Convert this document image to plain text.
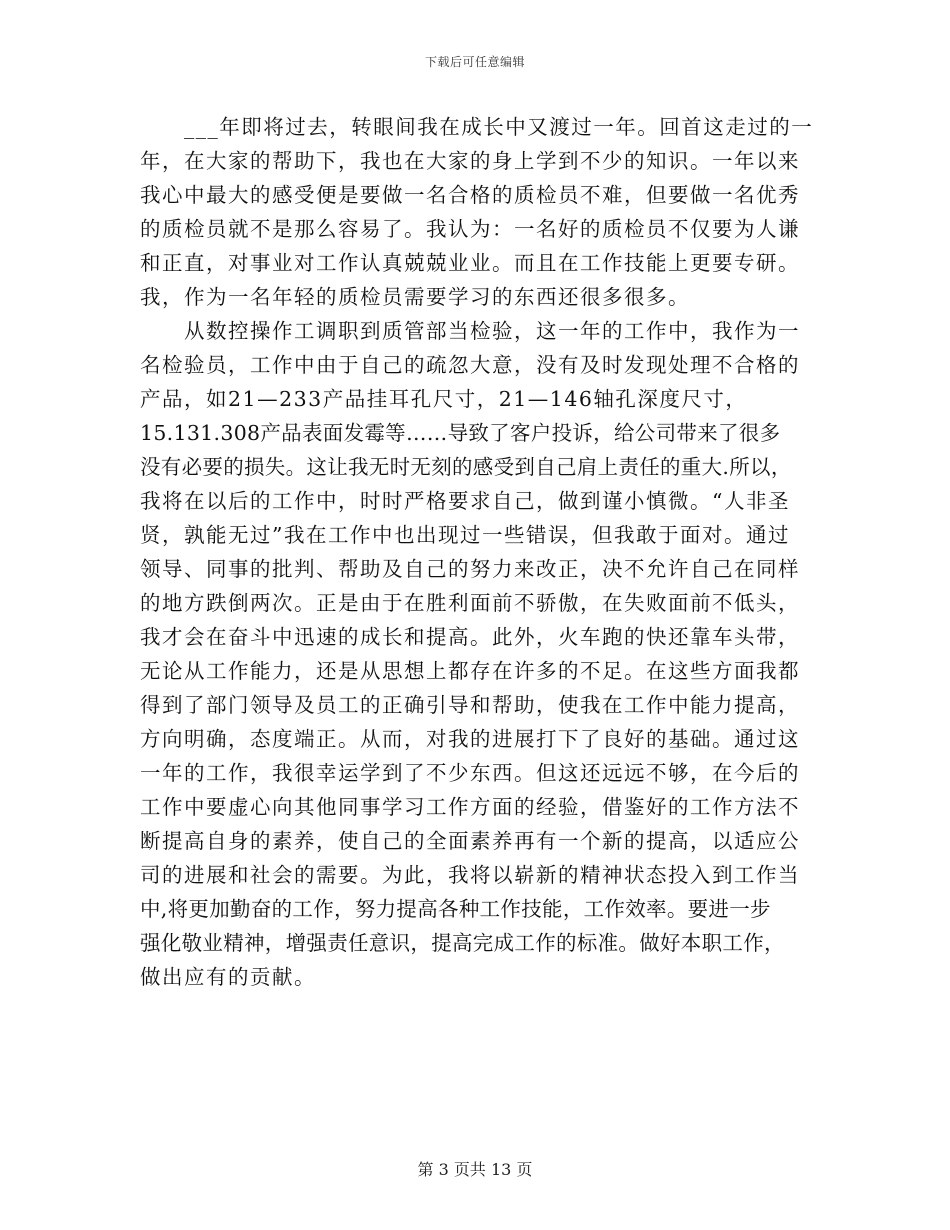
下载后可任意编辑
___年即将过去，转眼间我在成长中又渡过一年。回首这走过的一
年，在大家的帮助下，我也在大家的身上学到不少的知识。一年以来
我心中最大的感受便是要做一名合格的质检员不难，但要做一名优秀
的质检员就不是那么容易了。我认为：一名好的质检员不仅要为人谦
和正直，对事业对工作认真兢兢业业。而且在工作技能上更要专研。
我，作为一名年轻的质检员需要学习的东西还很多很多。
从数控操作工调职到质管部当检验，这一年的工作中，我作为一
名检验员，工作中由于自己的疏忽大意，没有及时发现处理不合格的
产品，如21—233产品挂耳孔尺寸，21—146轴孔深度尺寸，
15.131.308产品表面发霉等……导致了客户投诉，给公司带来了很多
没有必要的损失。这让我无时无刻的感受到自己肩上责任的重大.所以，
我将在以后的工作中，时时严格要求自己，做到谨小慎微。“人非圣
贤，孰能无过”我在工作中也出现过一些错误，但我敢于面对。通过
领导、同事的批判、帮助及自己的努力来改正，决不允许自己在同样
的地方跌倒两次。正是由于在胜利面前不骄傲，在失败面前不低头，
我才会在奋斗中迅速的成长和提高。此外，火车跑的快还靠车头带，
无论从工作能力，还是从思想上都存在许多的不足。在这些方面我都
得到了部门领导及员工的正确引导和帮助，使我在工作中能力提高，
方向明确，态度端正。从而，对我的进展打下了良好的基础。通过这
一年的工作，我很幸运学到了不少东西。但这还远远不够，在今后的
工作中要虚心向其他同事学习工作方面的经验，借鉴好的工作方法不
断提高自身的素养，使自己的全面素养再有一个新的提高，以适应公
司的进展和社会的需要。为此，我将以崭新的精神状态投入到工作当
中,将更加勤奋的工作，努力提高各种工作技能，工作效率。要进一步
强化敬业精神，增强责任意识，提高完成工作的标准。做好本职工作，
做出应有的贡献。
第 3 页共 13 页
